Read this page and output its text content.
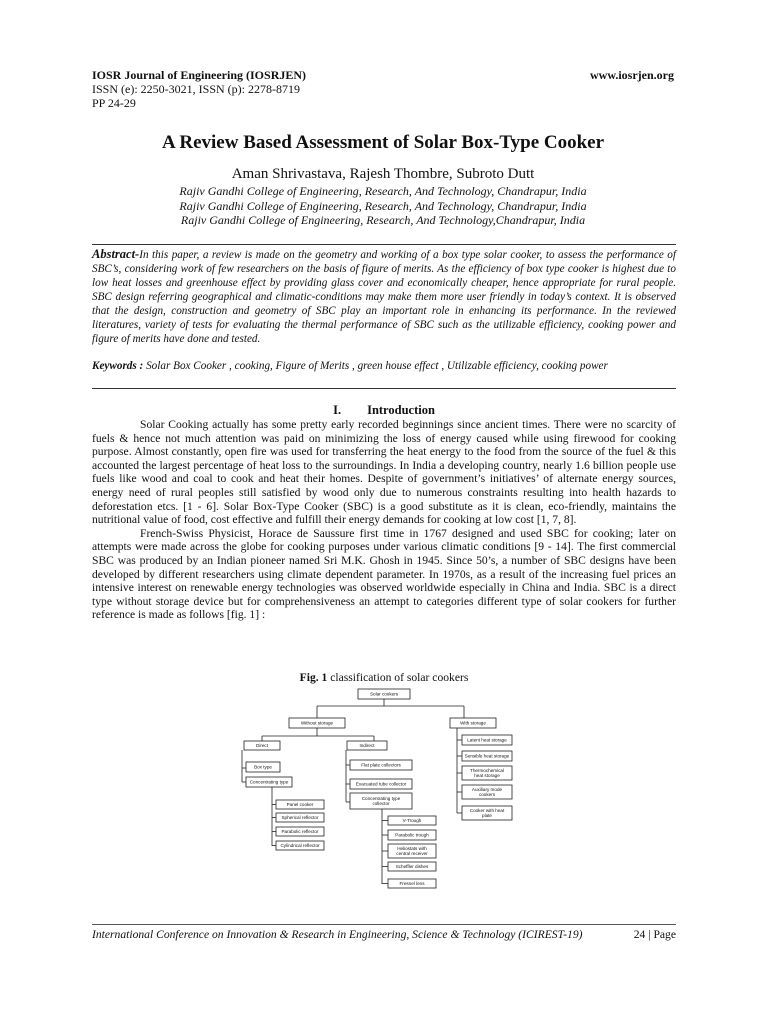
IOSR Journal of Engineering (IOSRJEN)	www.iosrjen.org
ISSN (e): 2250-3021, ISSN (p): 2278-8719
PP 24-29
A Review Based Assessment of Solar Box-Type Cooker
Aman Shrivastava, Rajesh Thombre, Subroto Dutt
Rajiv Gandhi College of Engineering, Research, And Technology, Chandrapur, India
Rajiv Gandhi College of Engineering, Research, And Technology, Chandrapur, India
Rajiv Gandhi College of Engineering, Research, And Technology,Chandrapur, India
Abstract-In this paper, a review is made on the geometry and working of a box type solar cooker, to assess the performance of SBC’s, considering work of few researchers on the basis of figure of merits. As the efficiency of box type cooker is highest due to low heat losses and greenhouse effect by providing glass cover and economically cheaper, hence appropriate for rural people. SBC design referring geographical and climatic-conditions may make them more user friendly in today’s context. It is observed that the design, construction and geometry of SBC play an important role in enhancing its performance. In the reviewed literatures, variety of tests for evaluating the thermal performance of SBC such as the utilizable efficiency, cooking power and figure of merits have done and tested.
Keywords : Solar Box Cooker , cooking, Figure of Merits , green house effect , Utilizable efficiency, cooking power
I. Introduction

Solar Cooking actually has some pretty early recorded beginnings since ancient times. There were no scarcity of fuels & hence not much attention was paid on minimizing the loss of energy caused while using firewood for cooking purpose. Almost constantly, open fire was used for transferring the heat energy to the food from the source of the fuel & this accounted the largest percentage of heat loss to the surroundings. In India a developing country, nearly 1.6 billion people use fuels like wood and coal to cook and heat their homes. Despite of government’s initiatives’ of alternate energy sources, energy need of rural peoples still satisfied by wood only due to numerous constraints resulting into health hazards to deforestation etcs. [1 - 6]. Solar Box-Type Cooker (SBC) is a good substitute as it is clean, eco-friendly, maintains the nutritional value of food, cost effective and fulfill their energy demands for cooking at low cost [1, 7, 8].

French-Swiss Physicist, Horace de Saussure first time in 1767 designed and used SBC for cooking; later on attempts were made across the globe for cooking purposes under various climatic conditions [9 - 14]. The first commercial SBC was produced by an Indian pioneer named Sri M.K. Ghosh in 1945. Since 50’s, a number of SBC designs have been developed by different researchers using climate dependent parameter. In 1970s, as a result of the increasing fuel prices an intensive interest on renewable energy technologies was observed worldwide especially in China and India. SBC is a direct type without storage device but for comprehensiveness an attempt to categories different type of solar cookers for further reference is made as follows [fig. 1] :

Fig. 1 classification of solar cookers
Solar cookers
Without storage	With storage
Direct	Indirect
Box type
Concentrating type
Panel cooker
Spherical reflector
Parabolic reflector
Cylindrical reflector
Flat plate collectors
Evacuated tube collector
Concentrating type
collector
V-Trough
Parabolic trough
Heliostats with
central receiver
Scheffler dishes
Fresnel lens
Latent heat storage
Sensible heat storage
Thermochemical
heat storage
Auxiliary mode
cookers
Cooker with heat
plate
International Conference on Innovation & Research in Engineering, Science & Technology (ICIREST-19)	24 | Page
